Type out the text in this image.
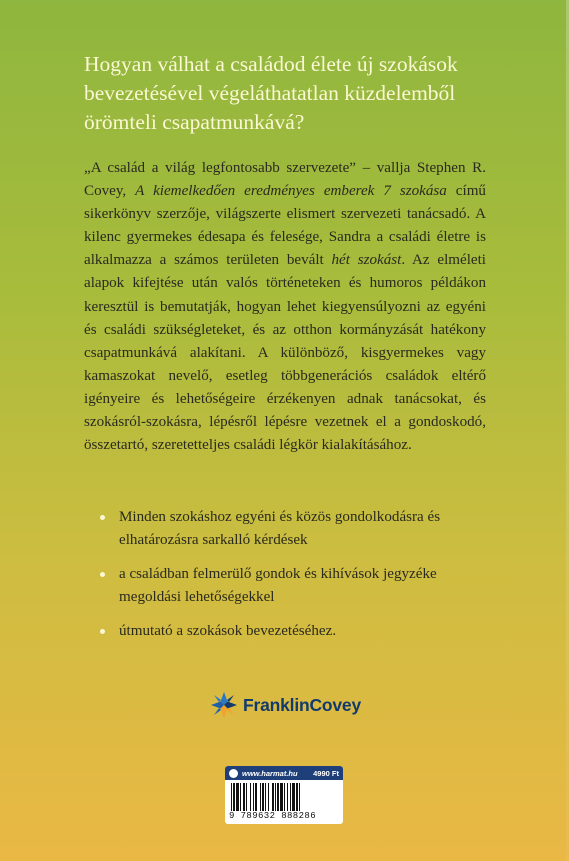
Hogyan válhat a családod élete új szokások bevezetésével végeláthatatlan küzdelemből örömteli csapatmunkává?

„A család a világ legfontosabb szervezete” – vallja Stephen R. Covey, A kiemelkedően eredményes emberek 7 szokása című sikerkönyv szerzője, világszerte elismert szervezeti tanácsadó. A kilenc gyermekes édesapa és felesége, Sandra a családi életre is alkalmazza a számos területen bevált hét szokást. Az elméleti alapok kifejtése után valós történeteken és humoros példákon keresztül is bemutatják, hogyan lehet kiegyensúlyozni az egyéni és családi szükségleteket, és az otthon kormányzását hatékony csapatmunkává alakítani. A különböző, kisgyermekes vagy kamaszokat nevelő, esetleg többgenerációs családok eltérő igényeire és lehetőségeire érzékenyen adnak tanácsokat, és szokásról-szokásra, lépésről lépésre vezetnek el a gondoskodó, összetartó, szeretetteljes családi légkör kialakításához.

Minden szokáshoz egyéni és közös gondolkodásra és elhatározásra sarkalló kérdések
a családban felmerülő gondok és kihívások jegyzéke megoldási lehetőségekkel
útmutató a szokások bevezetéséhez.
FranklinCovey
www.harmat.hu	4990 Ft
9 789632 888286
